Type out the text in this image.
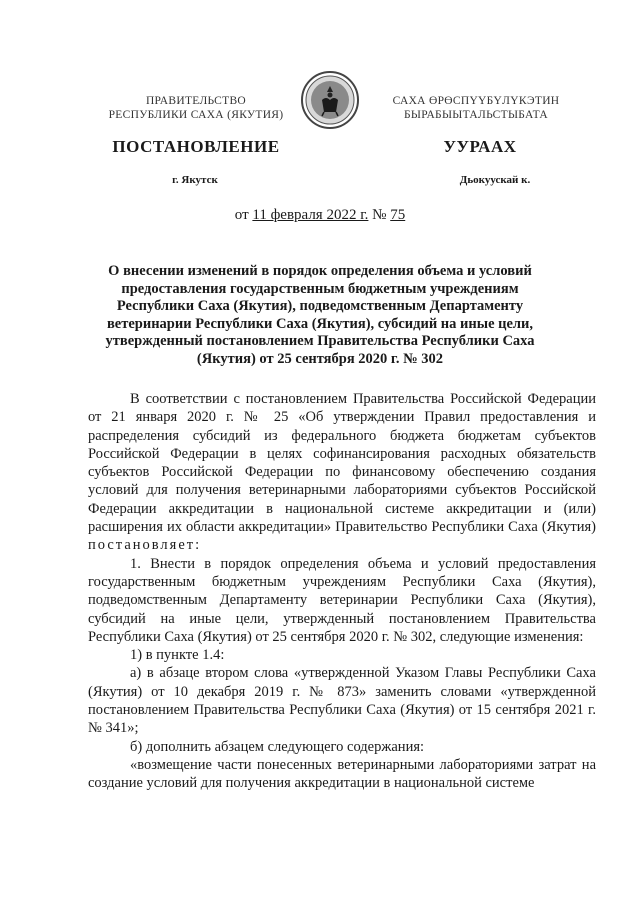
ПРАВИТЕЛЬСТВО
РЕСПУБЛИКИ САХА (ЯКУТИЯ)
САХА ӨРӨСПҮҮБҮЛҮКЭТИН
БЫРАБЫЫТАЛЬСТЫБАТА
ПОСТАНОВЛЕНИЕ	УУРААХ
г. Якутск	Дьокуускай к.
от 11 февраля 2022 г. № 75
О внесении изменений в порядок определения объема и условий предоставления государственным бюджетным учреждениям Республики Саха (Якутия), подведомственным Департаменту ветеринарии Республики Саха (Якутия), субсидий на иные цели, утвержденный постановлением Правительства Республики Саха (Якутия) от 25 сентября 2020 г. № 302

В соответствии с постановлением Правительства Российской Федерации от 21 января 2020 г. № 25 «Об утверждении Правил предоставления и распределения субсидий из федерального бюджета бюджетам субъектов Российской Федерации в целях софинансирования расходных обязательств субъектов Российской Федерации по финансовому обеспечению создания условий для получения ветеринарными лабораториями субъектов Российской Федерации аккредитации в национальной системе аккредитации и (или) расширения их области аккредитации» Правительство Республики Саха (Якутия) постановляет:

1. Внести в порядок определения объема и условий предоставления государственным бюджетным учреждениям Республики Саха (Якутия), подведомственным Департаменту ветеринарии Республики Саха (Якутия), субсидий на иные цели, утвержденный постановлением Правительства Республики Саха (Якутия) от 25 сентября 2020 г. № 302, следующие изменения:

1) в пункте 1.4:

а) в абзаце втором слова «утвержденной Указом Главы Республики Саха (Якутия) от 10 декабря 2019 г. № 873» заменить словами «утвержденной постановлением Правительства Республики Саха (Якутия) от 15 сентября 2021 г. № 341»;

б) дополнить абзацем следующего содержания:

«возмещение части понесенных ветеринарными лабораториями затрат на создание условий для получения аккредитации в национальной системе
